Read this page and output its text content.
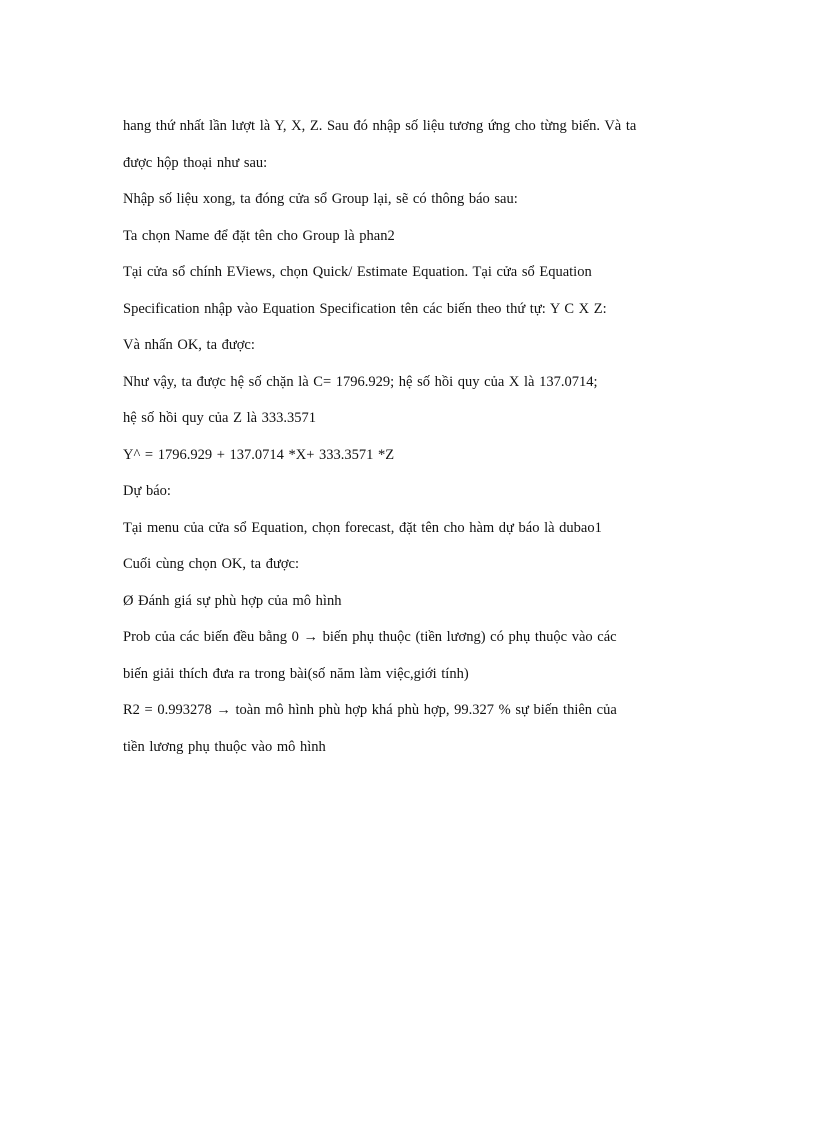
hang thứ nhất lần lượt là Y, X, Z. Sau đó nhập số liệu tương ứng cho từng biến. Và ta
được hộp thoại như sau:
Nhập số liệu xong, ta đóng cửa sổ Group lại, sẽ có thông báo sau:
Ta chọn Name để đặt tên cho Group là phan2
Tại cửa sổ chính EViews, chọn Quick/ Estimate Equation. Tại cửa sổ Equation
Specification nhập vào Equation Specification tên các biến theo thứ tự: Y C X Z:
Và nhấn OK, ta được:
Như vậy, ta được hệ số chặn là C= 1796.929; hệ số hồi quy của X là 137.0714;
hệ số hồi quy của Z là 333.3571
Y^ = 1796.929 + 137.0714 *X+ 333.3571 *Z
Dự báo:
Tại menu của cửa sổ Equation, chọn forecast, đặt tên cho hàm dự báo là dubao1
Cuối cùng chọn OK, ta được:
Ø Đánh giá sự phù hợp của mô hình
Prob của các biến đều bằng 0 → biến phụ thuộc (tiền lương) có phụ thuộc vào các
biến giải thích đưa ra trong bài(số năm làm việc,giới tính)
R2 = 0.993278 → toàn mô hình phù hợp khá phù hợp, 99.327 % sự biến thiên của
tiền lương phụ thuộc vào mô hình
